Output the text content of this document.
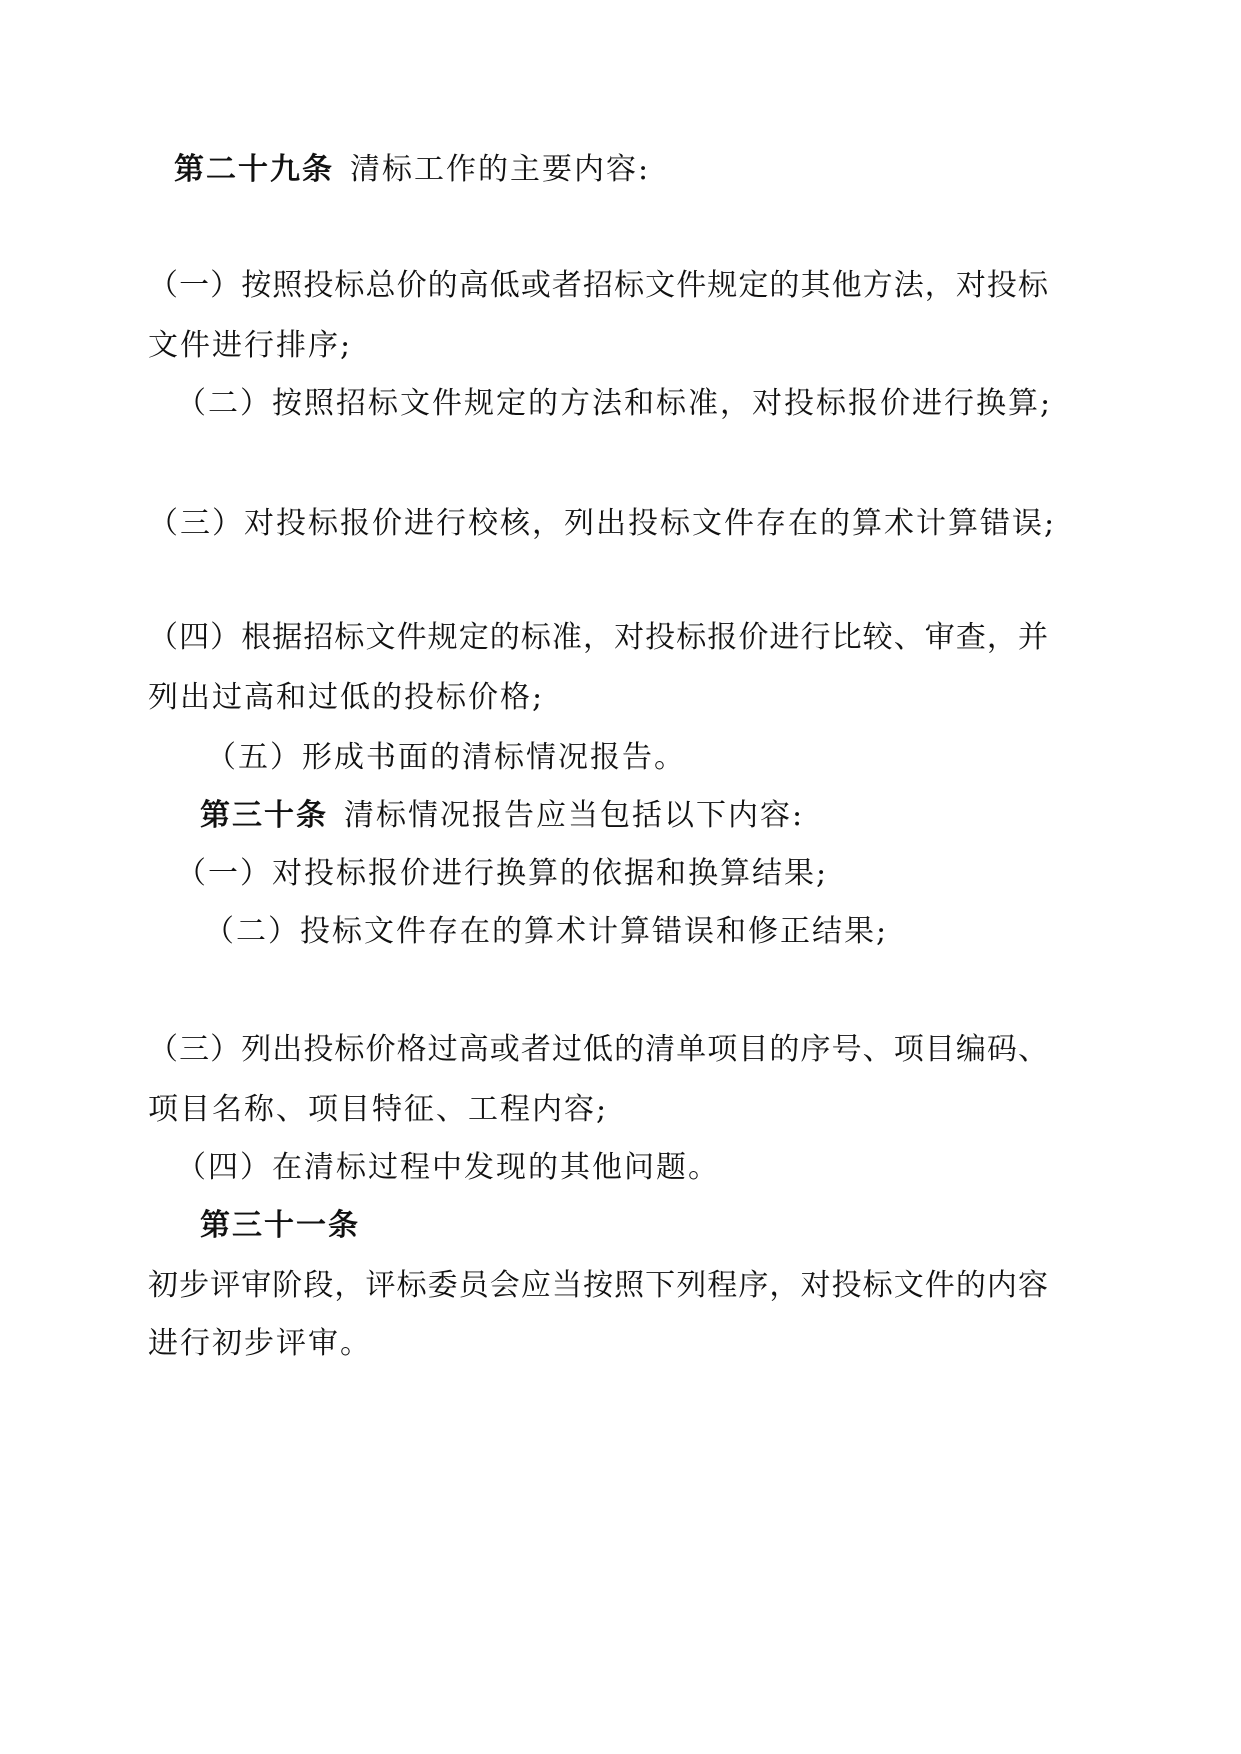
第二十九条 清标工作的主要内容:
（一）按照投标总价的高低或者招标文件规定的其他方法，对投标
文件进行排序;
（二）按照招标文件规定的方法和标准，对投标报价进行换算;
（三）对投标报价进行校核，列出投标文件存在的算术计算错误;
（四）根据招标文件规定的标准，对投标报价进行比较、审查，并
列出过高和过低的投标价格;
（五）形成书面的清标情况报告。
第三十条 清标情况报告应当包括以下内容:
（一）对投标报价进行换算的依据和换算结果;
（二）投标文件存在的算术计算错误和修正结果;
（三）列出投标价格过高或者过低的清单项目的序号、项目编码、
项目名称、项目特征、工程内容;
（四）在清标过程中发现的其他问题。
第三十一条
初步评审阶段，评标委员会应当按照下列程序，对投标文件的内容
进行初步评审。
